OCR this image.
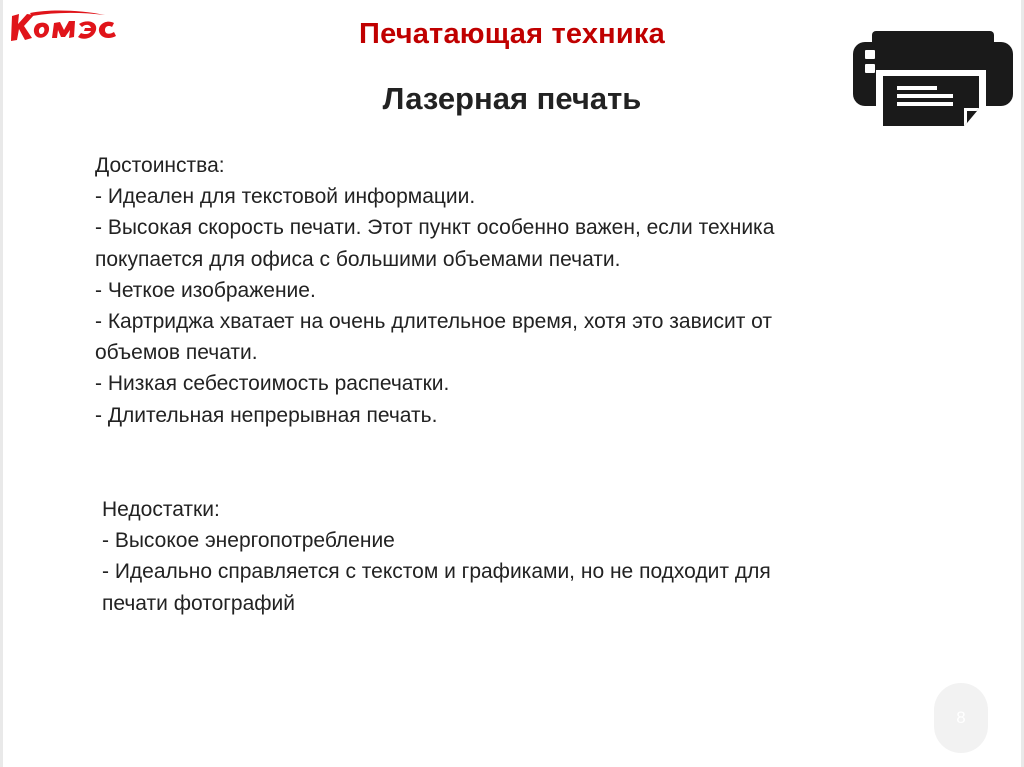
Печатающая техника
Лазерная печать
Достоинства:
- Идеален для текстовой информации.
- Высокая скорость печати. Этот пункт особенно важен, если техника
покупается для офиса с большими объемами печати.
- Четкое изображение.
- Картриджа хватает на очень длительное время, хотя это зависит от
объемов печати.
- Низкая себестоимость распечатки.
- Длительная непрерывная печать.
Недостатки:
- Высокое энергопотребление
- Идеально справляется с текстом и графиками, но не подходит для
печати фотографий
8
